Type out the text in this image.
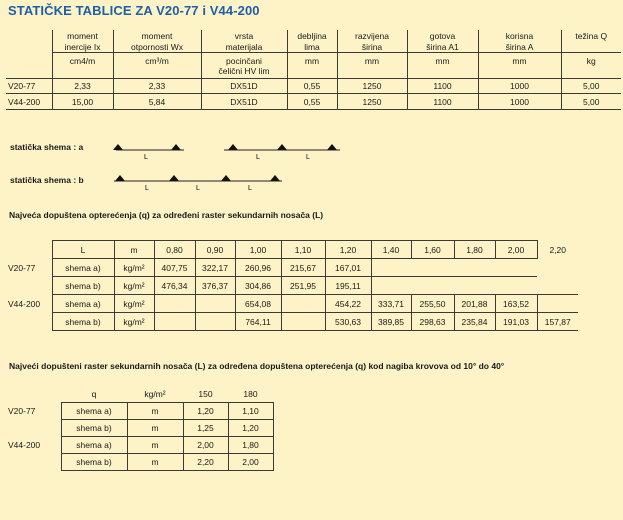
STATIČKE TABLICE ZA V20-77 i V44-200
	moment	moment	vrsta	debljina	razvijena	gotova	korisna	težina Q
	inercije Ix	otpornosti Wx	materijala	lima	širina	širina A1	širina A	
	cm4/m	cm³/m	pocinčani čelični HV lim	mm	mm	mm	mm	kg
V20-77	2,33	2,33	DX51D	0,55	1250	1100	1000	5,00
V44-200	15,00	5,84	DX51D	0,55	1250	1100	1000	5,00
statička shema : a
L	L	L
statička shema : b
L	L	L
Najveća dopuštena opterećenja (q) za određeni raster sekundarnih nosača (L)
	L	m	0,80	0,90	1,00	1,10	1,20	1,40	1,60	1,80	2,00	2,20
V20-77	shema a)	kg/m²	407,75	322,17	260,96	215,67	167,01					
	shema b)	kg/m²	476,34	376,37	304,86	251,95	195,11					
V44-200	shema a)	kg/m²			654,08		454,22	333,71	255,50	201,88	163,52	
	shema b)	kg/m²			764,11		530,63	389,85	298,63	235,84	191,03	157,87
Najveći dopušteni raster sekundarnih nosača (L) za određena dopuštena opterećenja (q) kod nagiba krovova od 10° do 40°
	q	kg/m²	150	180
V20-77	shema a)	m	1,20	1,10
	shema b)	m	1,25	1,20
V44-200	shema a)	m	2,00	1,80
	shema b)	m	2,20	2,00
